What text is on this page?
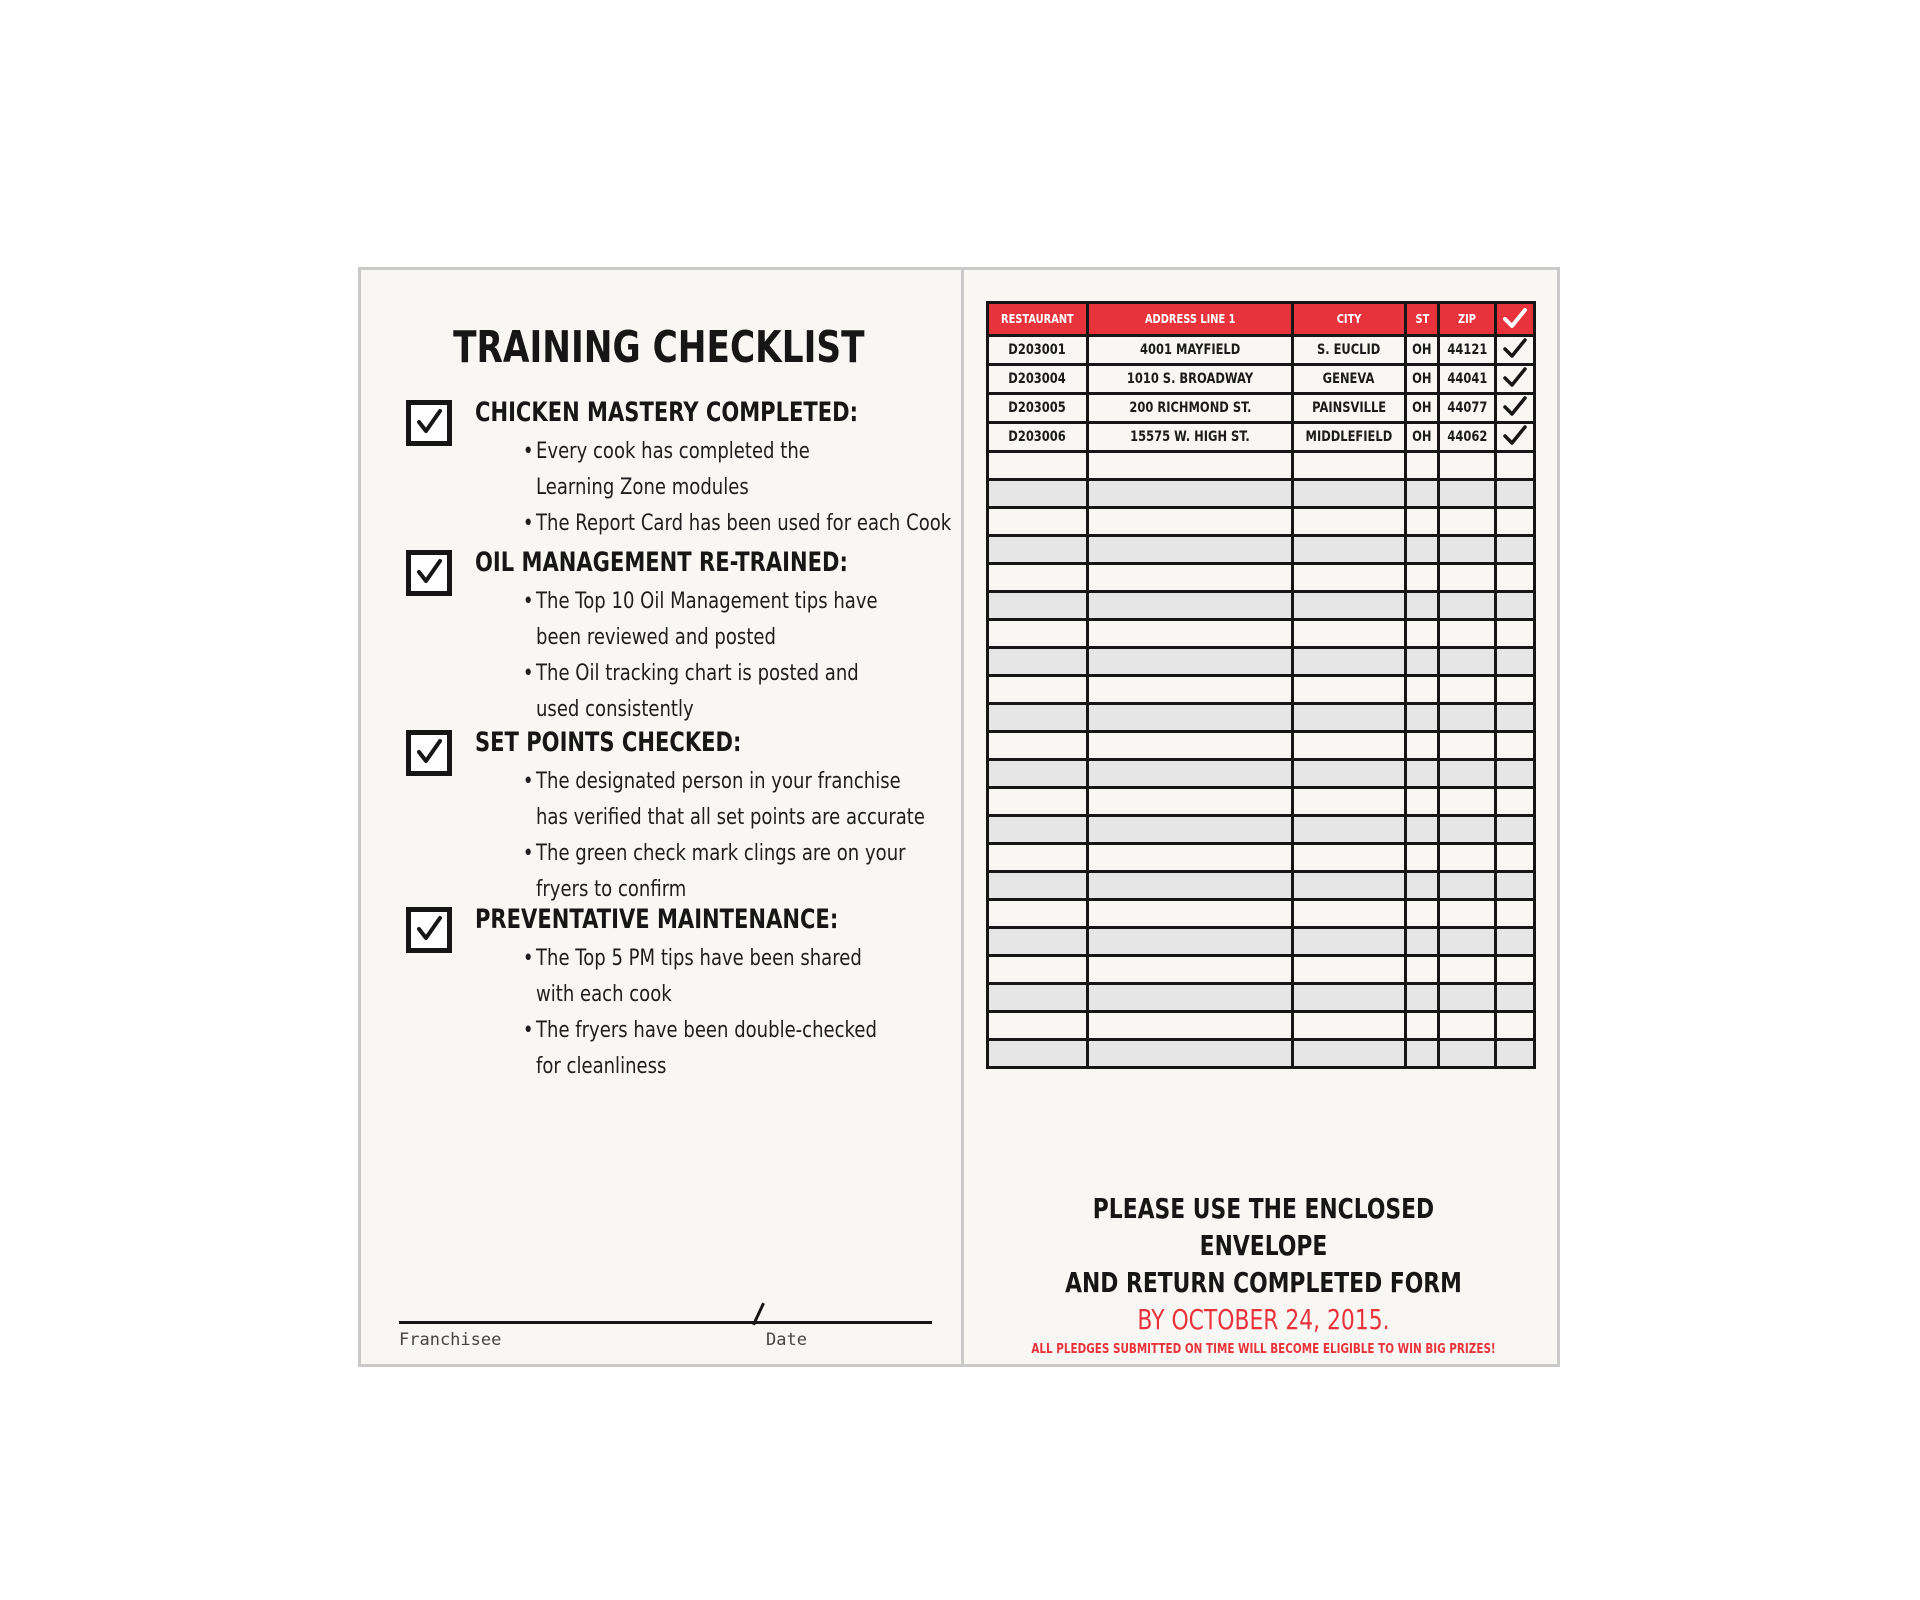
TRAINING CHECKLIST
CHICKEN MASTERY COMPLETED:
• Every cook has completed the
Learning Zone modules
• The Report Card has been used for each Cook
OIL MANAGEMENT RE-TRAINED:
• The Top 10 Oil Management tips have
been reviewed and posted
• The Oil tracking chart is posted and
used consistently
SET POINTS CHECKED:
• The designated person in your franchise
has verified that all set points are accurate
• The green check mark clings are on your
fryers to confirm
PREVENTATIVE MAINTENANCE:
• The Top 5 PM tips have been shared
with each cook
• The fryers have been double-checked
for cleanliness
Franchisee	Date
RESTAURANT	ADDRESS LINE 1	CITY	ST	ZIP	
D203001	4001 MAYFIELD	S. EUCLID	OH	44121	
D203004	1010 S. BROADWAY	GENEVA	OH	44041	
D203005	200 RICHMOND ST.	PAINSVILLE	OH	44077	
D203006	15575 W. HIGH ST.	MIDDLEFIELD	OH	44062	

PLEASE USE THE ENCLOSED ENVELOPE
AND RETURN COMPLETED FORM
BY OCTOBER 24, 2015.
ALL PLEDGES SUBMITTED ON TIME WILL BECOME ELIGIBLE TO WIN BIG PRIZES!
